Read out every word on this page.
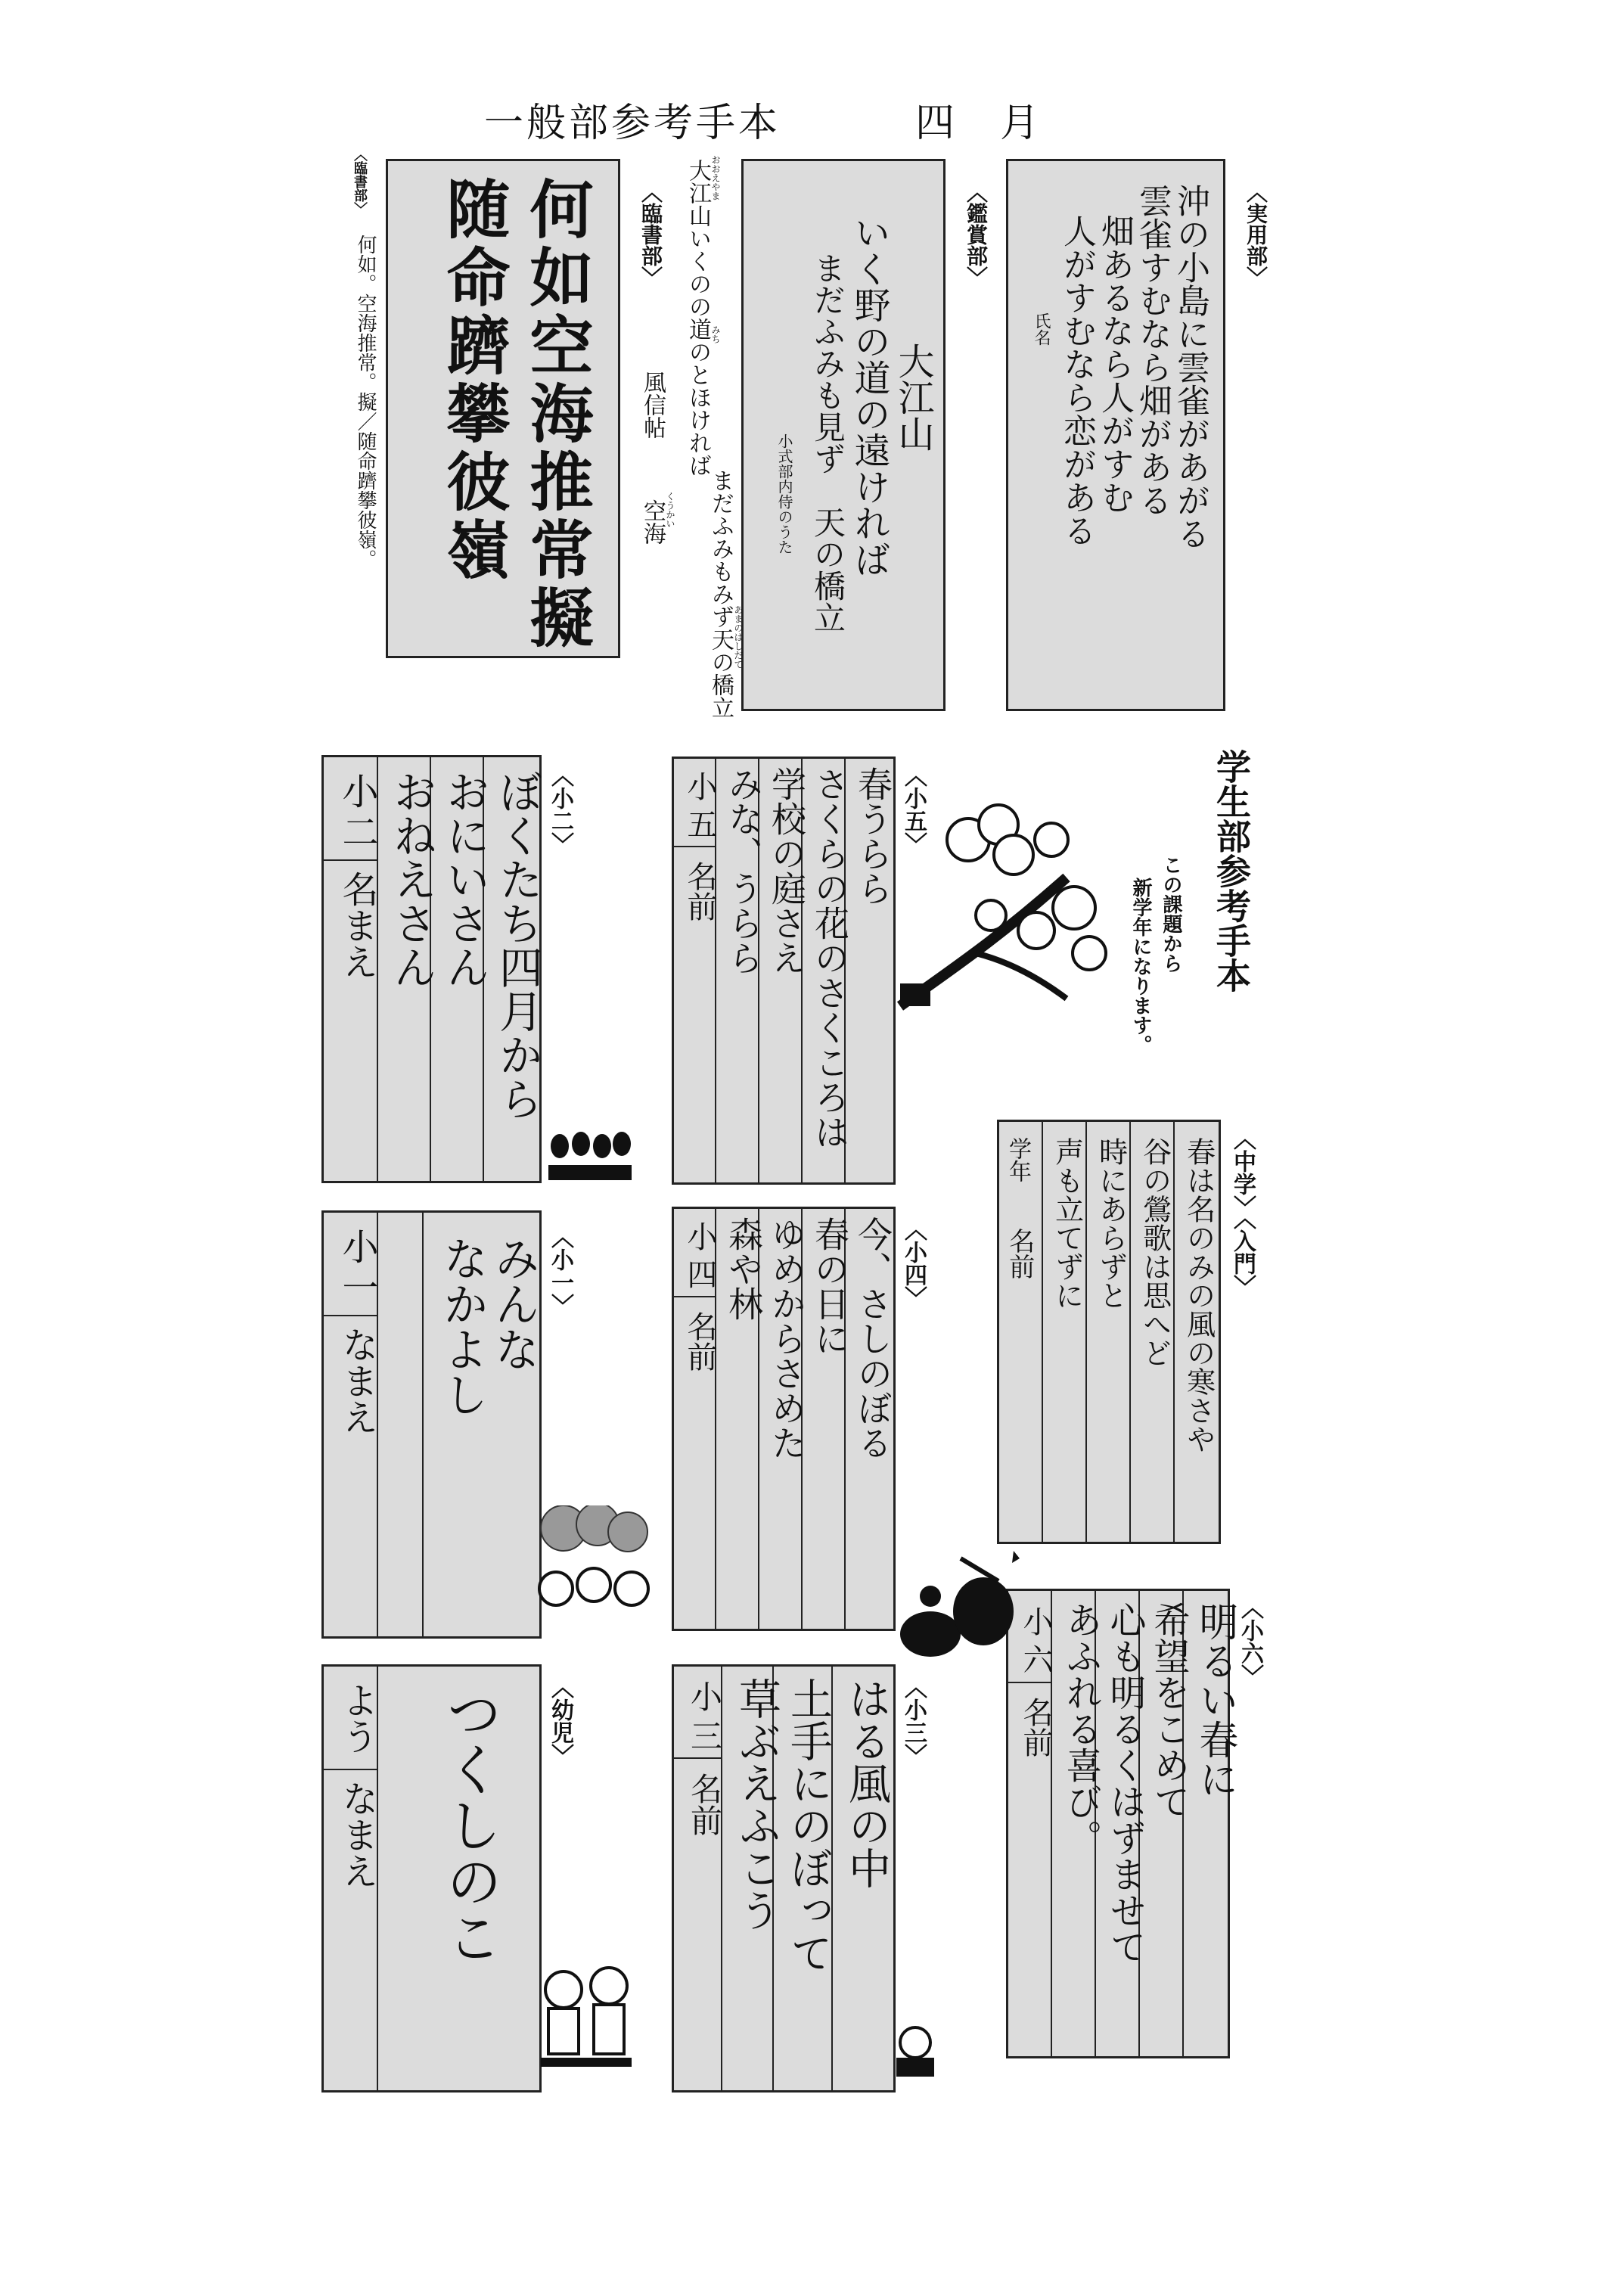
一般部参考手本	四　月
〈実用部〉
沖の小島に雲雀があがる
雲雀すむなら畑がある
畑あるなら人がすむ
人がすむなら恋がある
氏名
〈鑑賞部〉
大江山
いく野の道の遠ければ
まだふみも見ず　天の橋立
小式部内侍のうた
大江山いくのの道のとほければ
まだふみもみず天の橋立
おおえやま
みち
あまのはしだて
〈臨書部〉
風信帖
空海 くうかい
何如空海推常擬
随命躋攀彼嶺
〈臨書部〉
何如。空海推常。擬／随命躋攀彼嶺。
学生部参考手本
この課題から
新学年になります。
〈中学〉〈入門〉
春は名のみの風の寒さや
谷の鶯歌は思へど
時にあらずと
声も立てずに
学年
名前
〈小六〉
明るい春に
希望をこめて
心も明るくはずませて
あふれる喜び。
小
六
名前
〈小五〉
春うらら
さくらの花のさくころは
学校の庭さえ
みな、うらら
小
五
名前
〈小四〉
今、さしのぼる
春の日に
ゆめからさめた
森や林
小
四
名前
〈小三〉
はる風の中
土手にのぼって
草ぶえふこう
小
三
名前
〈小二〉
ぼくたち四月から
おにいさん
おねえさん
小
二
名まえ
〈小一〉
みんな
なかよし
小
一
なまえ
〈幼児〉
つくしのこ
よう
なまえ
